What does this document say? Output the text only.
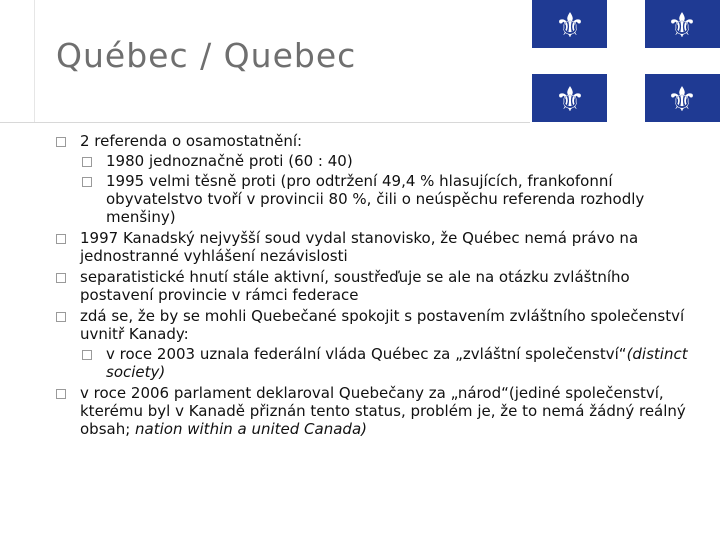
Québec / Quebec
⚜ ⚜
⚜ ⚜
2 referenda o osamostatnění:
1980 jednoznačně proti (60 : 40)
1995 velmi těsně proti (pro odtržení 49,4 % hlasujících, frankofonní obyvatelstvo tvoří v provincii 80 %, čili o neúspěchu referenda rozhodly menšiny)
1997 Kanadský nejvyšší soud vydal stanovisko, že Québec nemá právo na jednostranné vyhlášení nezávislosti
separatistické hnutí stále aktivní, soustřeďuje se ale na otázku zvláštního postavení provincie v rámci federace
zdá se, že by se mohli Quebečané spokojit s postavením zvláštního společenství uvnitř Kanady:
v roce 2003 uznala federální vláda Québec za „zvláštní společenství“(distinct society)
v roce 2006 parlament deklaroval Quebečany za „národ“(jediné společenství, kterému byl v Kanadě přiznán tento status, problém je, že to nemá žádný reálný obsah; nation within a united Canada)
